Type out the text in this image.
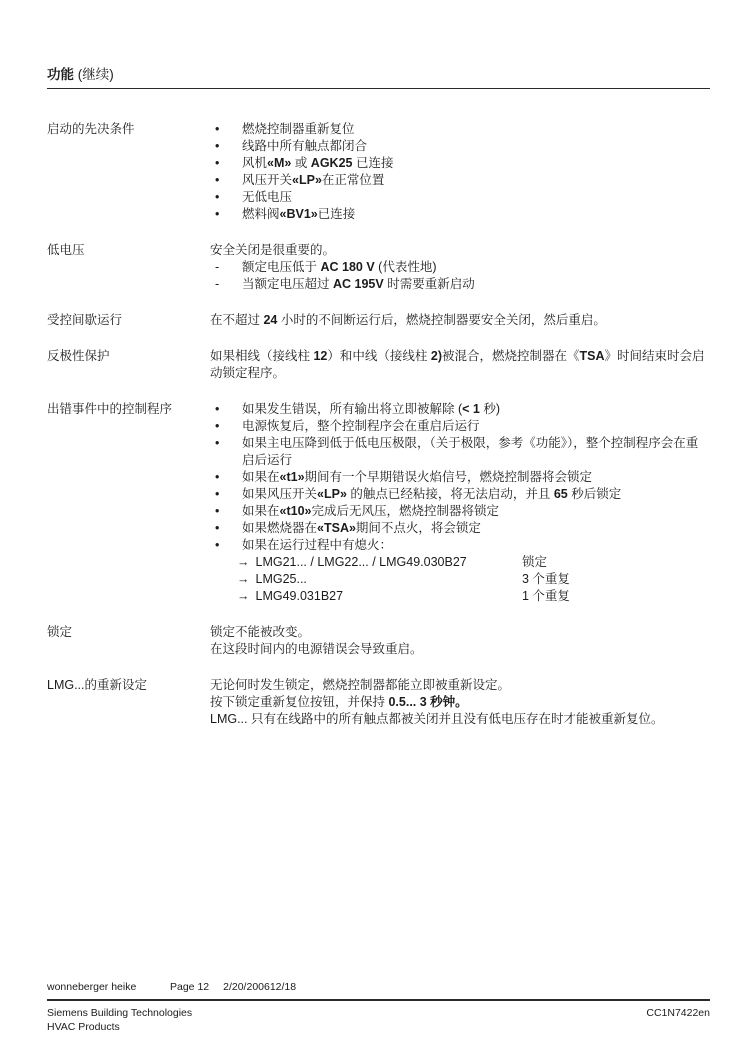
功能 (继续)
启动的先决条件	•	燃烧控制器重新复位
•	线路中所有触点都闭合
•	风机«M» 或 AGK25 已连接
•	风压开关«LP»在正常位置
•	无低电压
•	燃料阀«BV1»已连接
低电压	安全关闭是很重要的。
-	额定电压低于 AC 180 V (代表性地)
-	当额定电压超过 AC 195V 时需要重新启动
受控间歇运行	在不超过 24 小时的不间断运行后，燃烧控制器要安全关闭，然后重启。
反极性保护	如果相线（接线柱 12）和中线（接线柱 2)被混合，燃烧控制器在《TSA》时间结束时会启动锁定程序。
出错事件中的控制程序	•	如果发生错误，所有输出将立即被解除 (< 1 秒)
•	电源恢复后，整个控制程序会在重启后运行
•	如果主电压降到低于低电压极限，（关于极限，参考《功能》），整个控制程序会在重启后运行
•	如果在«t1»期间有一个早期错误火焰信号，燃烧控制器将会锁定
•	如果风压开关«LP» 的触点已经粘接，将无法启动，并且 65 秒后锁定
•	如果在«t10»完成后无风压，燃烧控制器将锁定
•	如果燃烧器在«TSA»期间不点火，将会锁定
•	如果在运行过程中有熄火：
→ LMG21... / LMG22... / LMG49.030B27	锁定
→ LMG25...	3 个重复
→ LMG49.031B27	1 个重复
锁定	锁定不能被改变。
在这段时间内的电源错误会导致重启。
LMG...的重新设定	无论何时发生锁定，燃烧控制器都能立即被重新设定。
按下锁定重新复位按钮，并保持 0.5... 3 秒钟。
LMG... 只有在线路中的所有触点都被关闭并且没有低电压存在时才能被重新复位。
wonneberger heike	Page 12 2/20/200612/18
Siemens Building Technologies
HVAC Products
CC1N7422en
